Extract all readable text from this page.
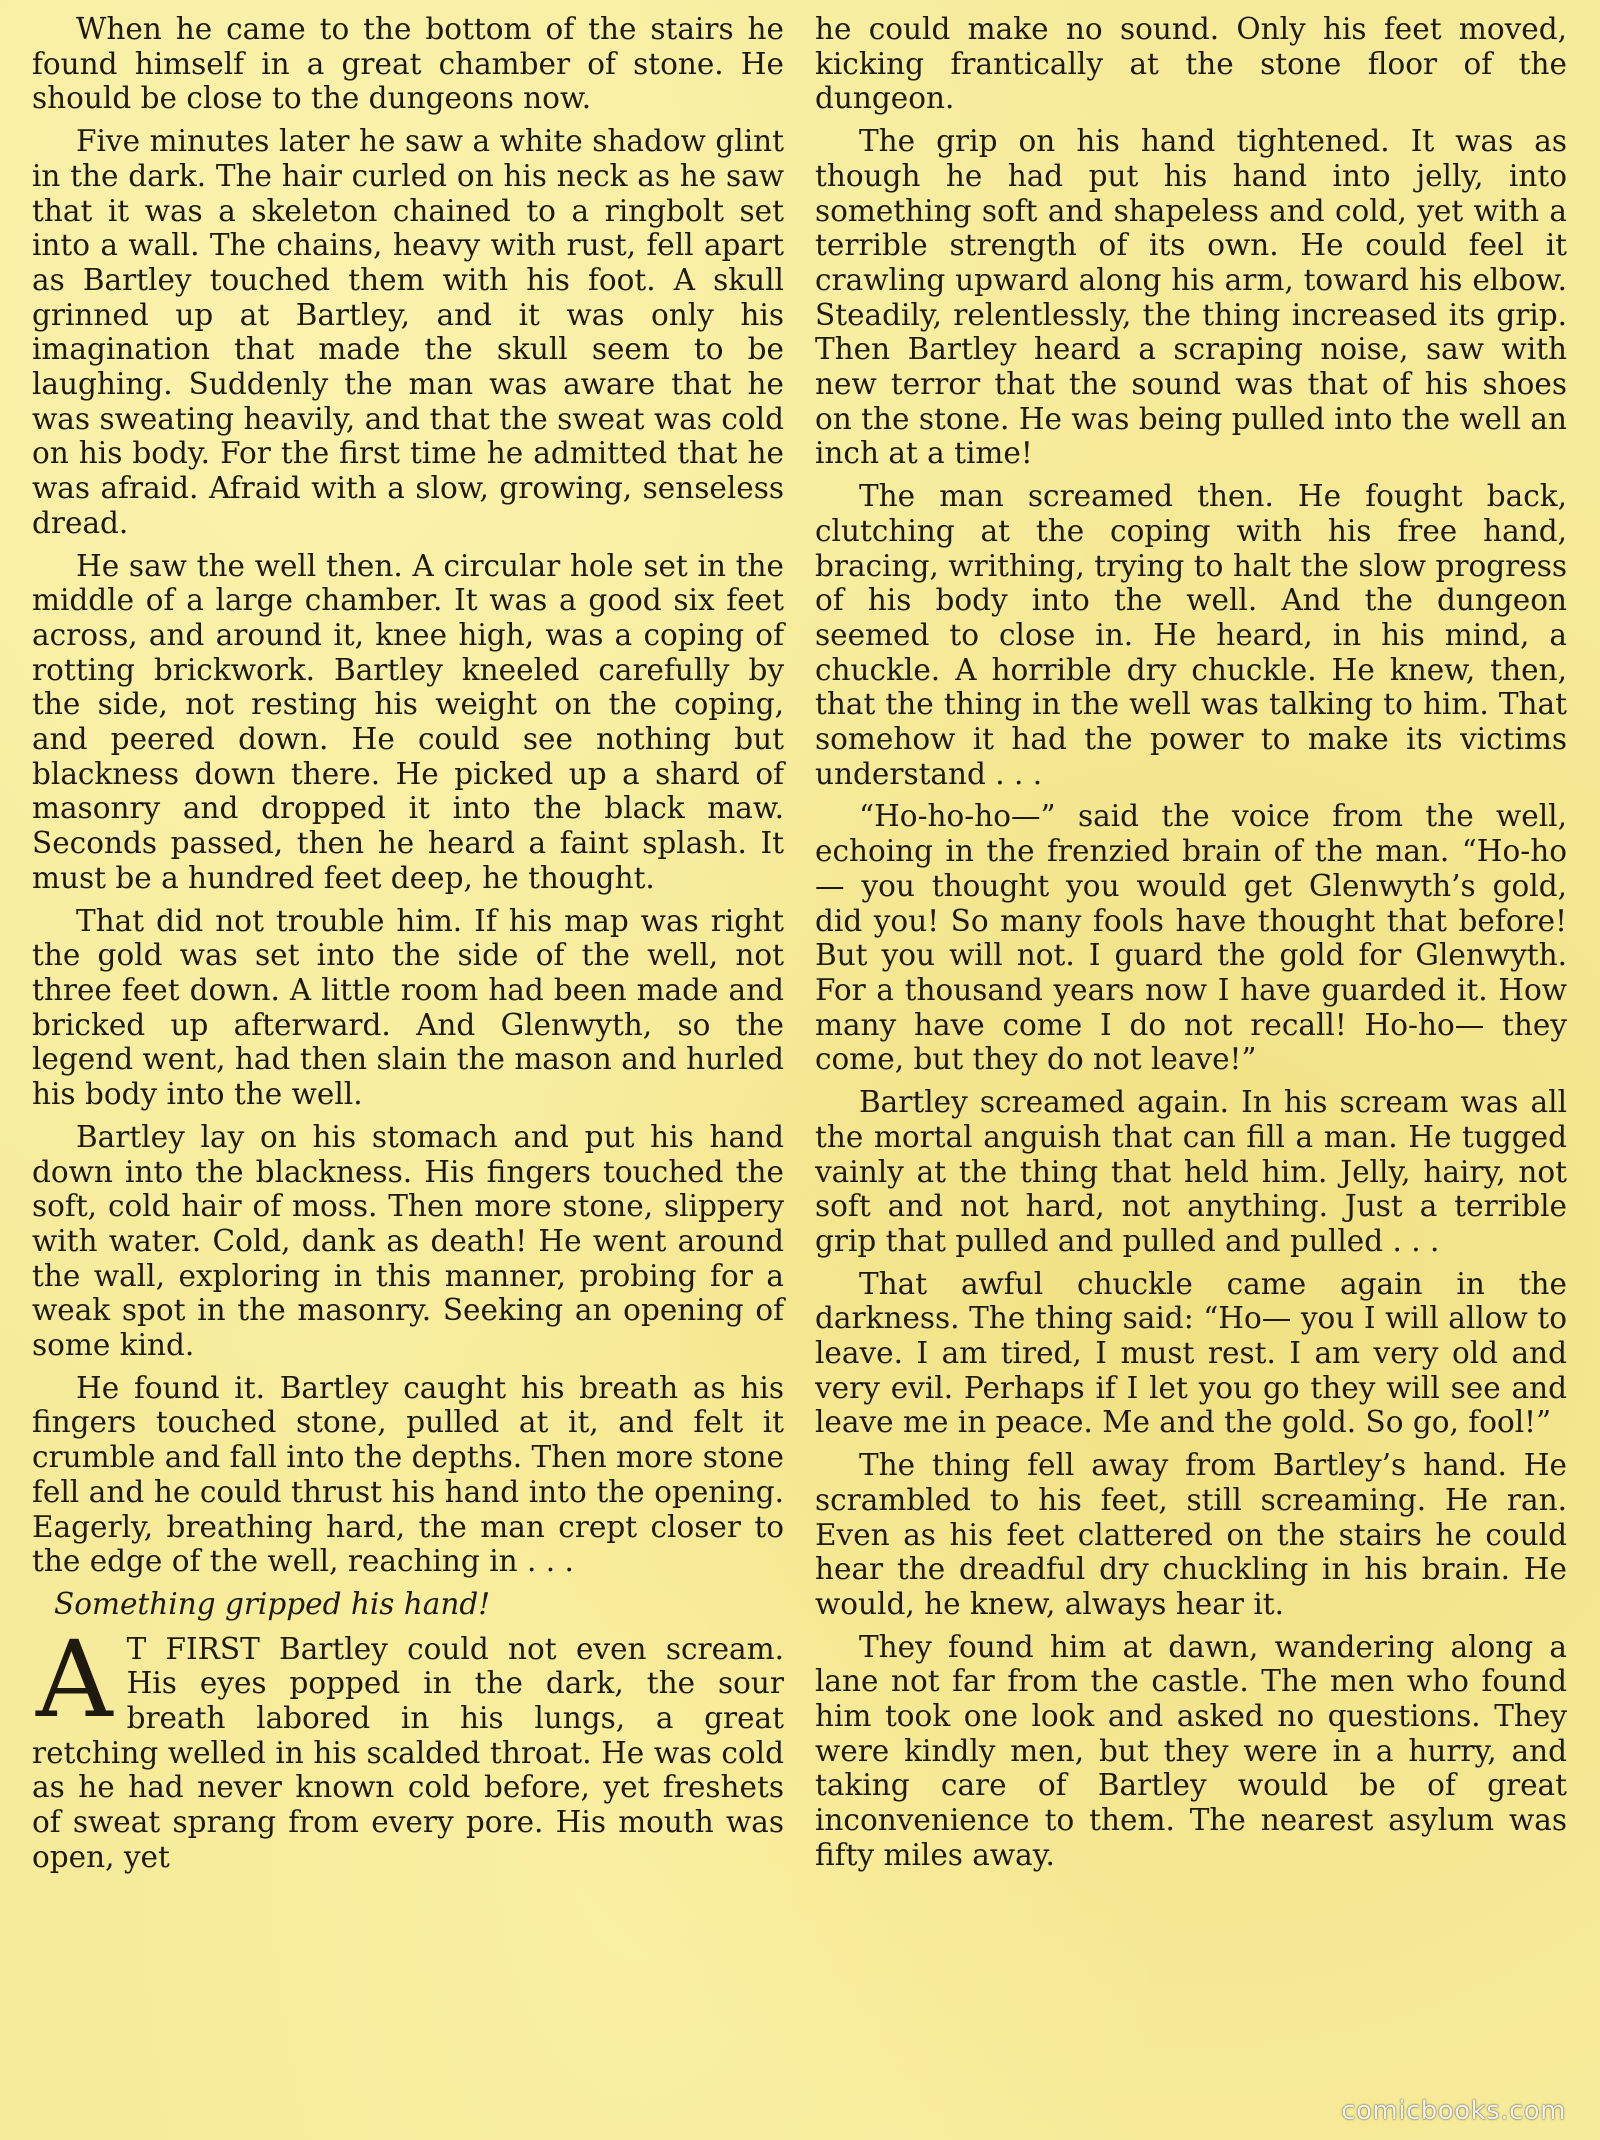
When he came to the bottom of the stairs he found himself in a great chamber of stone. He should be close to the dungeons now.

Five minutes later he saw a white shadow glint in the dark. The hair curled on his neck as he saw that it was a skeleton chained to a ringbolt set into a wall. The chains, heavy with rust, fell apart as Bartley touched them with his foot. A skull grinned up at Bartley, and it was only his imagination that made the skull seem to be laughing. Suddenly the man was aware that he was sweating heavily, and that the sweat was cold on his body. For the first time he admitted that he was afraid. Afraid with a slow, growing, senseless dread.

He saw the well then. A circular hole set in the middle of a large chamber. It was a good six feet across, and around it, knee high, was a coping of rotting brickwork. Bartley kneeled carefully by the side, not resting his weight on the coping, and peered down. He could see nothing but blackness down there. He picked up a shard of masonry and dropped it into the black maw. Seconds passed, then he heard a faint splash. It must be a hundred feet deep, he thought.

That did not trouble him. If his map was right the gold was set into the side of the well, not three feet down. A little room had been made and bricked up afterward. And Glenwyth, so the legend went, had then slain the mason and hurled his body into the well.

Bartley lay on his stomach and put his hand down into the blackness. His fingers touched the soft, cold hair of moss. Then more stone, slippery with water. Cold, dank as death! He went around the wall, exploring in this manner, probing for a weak spot in the masonry. Seeking an opening of some kind.

He found it. Bartley caught his breath as his fingers touched stone, pulled at it, and felt it crumble and fall into the depths. Then more stone fell and he could thrust his hand into the opening. Eagerly, breathing hard, the man crept closer to the edge of the well, reaching in . . .

Something gripped his hand!

A T FIRST Bartley could not even scream. His eyes popped in the dark, the sour breath labored in his lungs, a great retching welled in his scalded throat. He was cold as he had never known cold before, yet freshets of sweat sprang from every pore. His mouth was open, yet

he could make no sound. Only his feet moved, kicking frantically at the stone floor of the dungeon.

The grip on his hand tightened. It was as though he had put his hand into jelly, into something soft and shapeless and cold, yet with a terrible strength of its own. He could feel it crawling upward along his arm, toward his elbow. Steadily, relentlessly, the thing increased its grip. Then Bartley heard a scraping noise, saw with new terror that the sound was that of his shoes on the stone. He was being pulled into the well an inch at a time!

The man screamed then. He fought back, clutching at the coping with his free hand, bracing, writhing, trying to halt the slow progress of his body into the well. And the dungeon seemed to close in. He heard, in his mind, a chuckle. A horrible dry chuckle. He knew, then, that the thing in the well was talking to him. That somehow it had the power to make its victims understand . . .

“Ho-ho-ho—” said the voice from the well, echoing in the frenzied brain of the man. “Ho-ho— you thought you would get Glenwyth’s gold, did you! So many fools have thought that before! But you will not. I guard the gold for Glenwyth. For a thousand years now I have guarded it. How many have come I do not recall! Ho-ho— they come, but they do not leave!”

Bartley screamed again. In his scream was all the mortal anguish that can fill a man. He tugged vainly at the thing that held him. Jelly, hairy, not soft and not hard, not anything. Just a terrible grip that pulled and pulled and pulled . . .

That awful chuckle came again in the darkness. The thing said: “Ho— you I will allow to leave. I am tired, I must rest. I am very old and very evil. Perhaps if I let you go they will see and leave me in peace. Me and the gold. So go, fool!”

The thing fell away from Bartley’s hand. He scrambled to his feet, still screaming. He ran. Even as his feet clattered on the stairs he could hear the dreadful dry chuckling in his brain. He would, he knew, always hear it.

They found him at dawn, wandering along a lane not far from the castle. The men who found him took one look and asked no questions. They were kindly men, but they were in a hurry, and taking care of Bartley would be of great inconvenience to them. The nearest asylum was fifty miles away.

comicbooks.com
